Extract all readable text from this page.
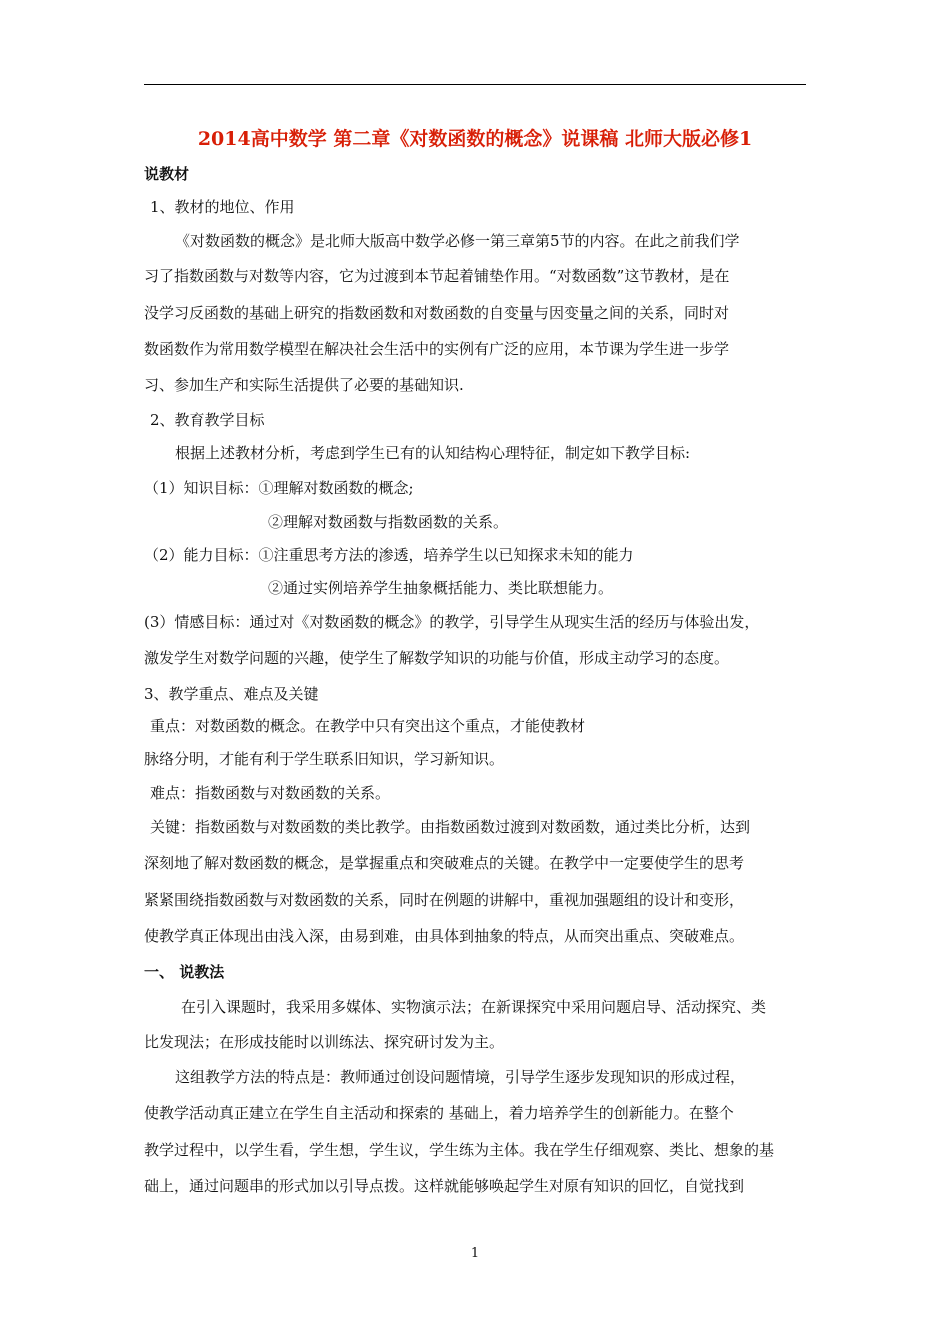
2014高中数学 第二章《对数函数的概念》说课稿 北师大版必修1
说教材
1、教材的地位、作用
《对数函数的概念》是北师大版高中数学必修一第三章第5节的内容。在此之前我们学
习了指数函数与对数等内容，它为过渡到本节起着铺垫作用。“对数函数”这节教材，是在
没学习反函数的基础上研究的指数函数和对数函数的自变量与因变量之间的关系，同时对
数函数作为常用数学模型在解决社会生活中的实例有广泛的应用，本节课为学生进一步学
习、参加生产和实际生活提供了必要的基础知识.
2、教育教学目标
根据上述教材分析，考虑到学生已有的认知结构心理特征，制定如下教学目标:
（1）知识目标：①理解对数函数的概念;
②理解对数函数与指数函数的关系。
（2）能力目标：①注重思考方法的渗透，培养学生以已知探求未知的能力
②通过实例培养学生抽象概括能力、类比联想能力。
(3）情感目标：通过对《对数函数的概念》的教学，引导学生从现实生活的经历与体验出发，
激发学生对数学问题的兴趣，使学生了解数学知识的功能与价值，形成主动学习的态度。
3、教学重点、难点及关键
重点：对数函数的概念。在教学中只有突出这个重点，才能使教材
脉络分明，才能有利于学生联系旧知识，学习新知识。
难点：指数函数与对数函数的关系。
关键：指数函数与对数函数的类比教学。由指数函数过渡到对数函数，通过类比分析，达到
深刻地了解对数函数的概念，是掌握重点和突破难点的关键。在教学中一定要使学生的思考
紧紧围绕指数函数与对数函数的关系，同时在例题的讲解中，重视加强题组的设计和变形，
使教学真正体现出由浅入深，由易到难，由具体到抽象的特点，从而突出重点、突破难点。
一、 说教法
在引入课题时，我采用多媒体、实物演示法；在新课探究中采用问题启导、活动探究、类
比发现法；在形成技能时以训练法、探究研讨发为主。
这组教学方法的特点是：教师通过创设问题情境，引导学生逐步发现知识的形成过程，
使教学活动真正建立在学生自主活动和探索的 基础上，着力培养学生的创新能力。在整个
教学过程中，以学生看，学生想，学生议，学生练为主体。我在学生仔细观察、类比、想象的基
础上，通过问题串的形式加以引导点拨。这样就能够唤起学生对原有知识的回忆，自觉找到
1
